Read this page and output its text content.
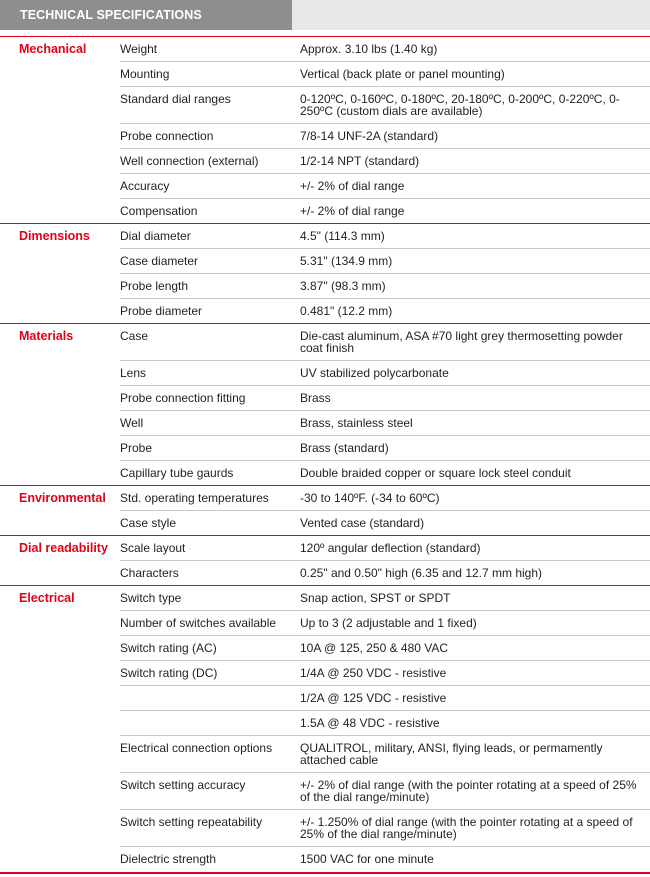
TECHNICAL SPECIFICATIONS
Mechanical	Weight	Approx. 3.10 lbs (1.40 kg)
	Mounting	Vertical (back plate or panel mounting)
	Standard dial ranges	0-120ºC, 0-160ºC, 0-180ºC, 20-180ºC, 0-200ºC, 0-220ºC, 0-250ºC (custom dials are available)
	Probe connection	7/8-14 UNF-2A (standard)
	Well connection (external)	1/2-14 NPT (standard)
	Accuracy	+/- 2% of dial range
	Compensation	+/- 2% of dial range
Dimensions	Dial diameter	4.5" (114.3 mm)
	Case diameter	5.31" (134.9 mm)
	Probe length	3.87" (98.3 mm)
	Probe diameter	0.481" (12.2 mm)
Materials	Case	Die-cast aluminum, ASA #70 light grey thermosetting powder coat finish
	Lens	UV stabilized polycarbonate
	Probe connection fitting	Brass
	Well	Brass, stainless steel
	Probe	Brass (standard)
	Capillary tube gaurds	Double braided copper or square lock steel conduit
Environmental	Std. operating temperatures	-30 to 140ºF. (-34 to 60ºC)
	Case style	Vented case (standard)
Dial readability	Scale layout	120º angular deflection (standard)
	Characters	0.25" and 0.50" high (6.35 and 12.7 mm high)
Electrical	Switch type	Snap action, SPST or SPDT
	Number of switches available	Up to 3 (2 adjustable and 1 fixed)
	Switch rating (AC)	10A @ 125, 250 & 480 VAC
	Switch rating (DC)	1/4A @ 250 VDC - resistive
		1/2A @ 125 VDC - resistive
		1.5A @ 48 VDC - resistive
	Electrical connection options	QUALITROL, military, ANSI, flying leads, or permamently attached cable
	Switch setting accuracy	+/- 2% of dial range (with the pointer rotating at a speed of 25% of the dial range/minute)
	Switch setting repeatability	+/- 1.250% of dial range (with the pointer rotating at a speed of 25% of the dial range/minute)
	Dielectric strength	1500 VAC for one minute
